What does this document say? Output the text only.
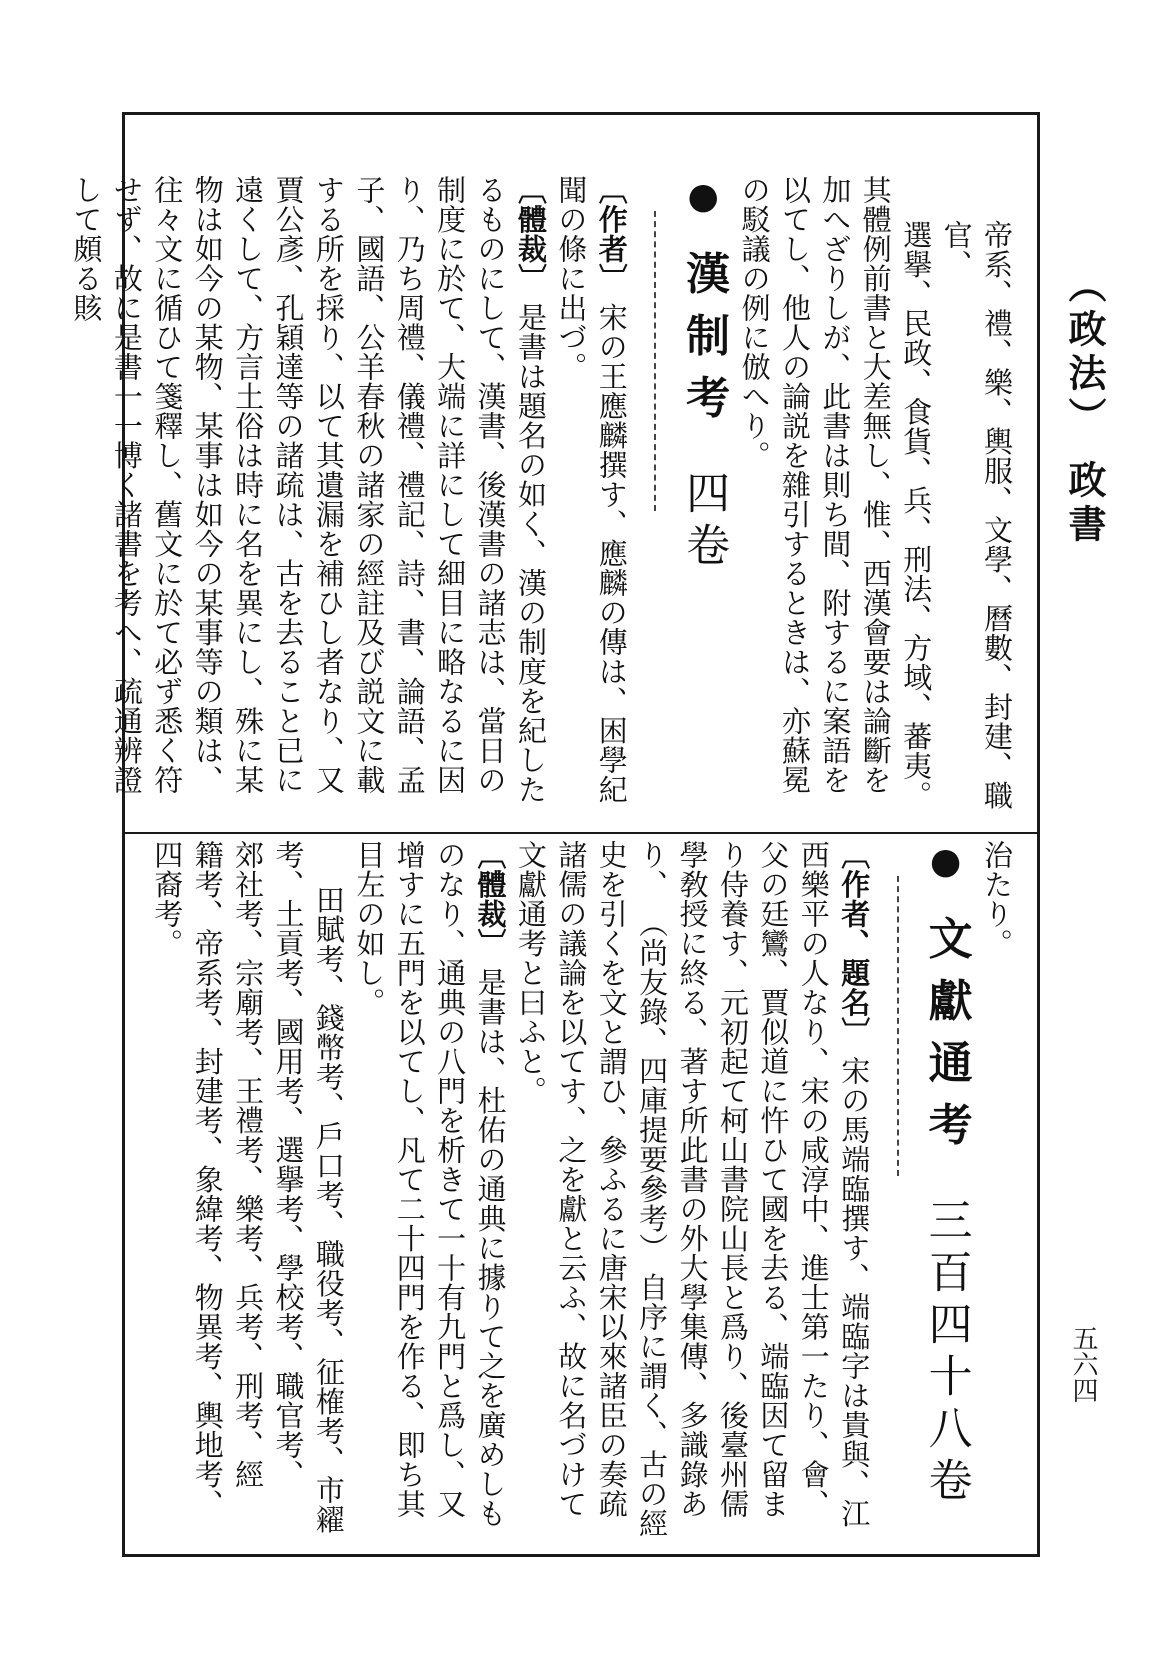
（政法） 政書

帝系、禮、樂、輿服、文學、曆數、封建、職官、

選擧、民政、食貨、兵、刑法、方域、蕃夷。

其體例前書と大差無し、惟、西漢會要は論斷を加へざりしが、此書は則ち間、附するに案語を以てし、他人の論説を雜引するときは、亦蘇冕の駁議の例に倣へり。

● 漢制考 四卷

〔作者〕 宋の王應麟撰す、應麟の傳は、困學紀聞の條に出づ。

〔體裁〕 是書は題名の如く、漢の制度を紀したるものにして、漢書、後漢書の諸志は、當日の制度に於て、大端に詳にして細目に略なるに因り、乃ち周禮、儀禮、禮記、詩、書、論語、孟子、國語、公羊春秋の諸家の經註及び説文に載する所を採り、以て其遺漏を補ひし者なり、又賈公彥、孔穎達等の諸疏は、古を去ること已に遠くして、方言土俗は時に名を異にし、殊に某物は如今の某物、某事は如今の某事等の類は、往々文に循ひて箋釋し、舊文に於て必ず悉く符せず、故に是書一一博く諸書を考へ、疏通辨證して頗る賅

治たり。

● 文獻通考 三百四十八卷

〔作者、題名〕 宋の馬端臨撰す、端臨字は貴與、江西樂平の人なり、宋の咸淳中、進士第一たり、會、父の廷鸞、賈似道に忤ひて國を去る、端臨因て留まり侍養す、元初起て柯山書院山長と爲り、後臺州儒學敎授に終る、著す所此書の外大學集傳、多識錄あり、 （尚友錄、四庫提要參考） 自序に謂く、古の經史を引くを文と謂ひ、參ふるに唐宋以來諸臣の奏疏諸儒の議論を以てす、之を獻と云ふ、故に名づけて文獻通考と曰ふと。

〔體裁〕 是書は、杜佑の通典に據りて之を廣めしものなり、通典の八門を析きて一十有九門と爲し、又增すに五門を以てし、凡て二十四門を作る、即ち其目左の如し。

田賦考、錢幣考、戶口考、職役考、征榷考、市糴

考、土貢考、國用考、選擧考、學校考、職官考、

郊社考、宗廟考、王禮考、樂考、兵考、刑考、經

籍考、帝系考、封建考、象緯考、物異考、輿地考、

四裔考。

五六四
